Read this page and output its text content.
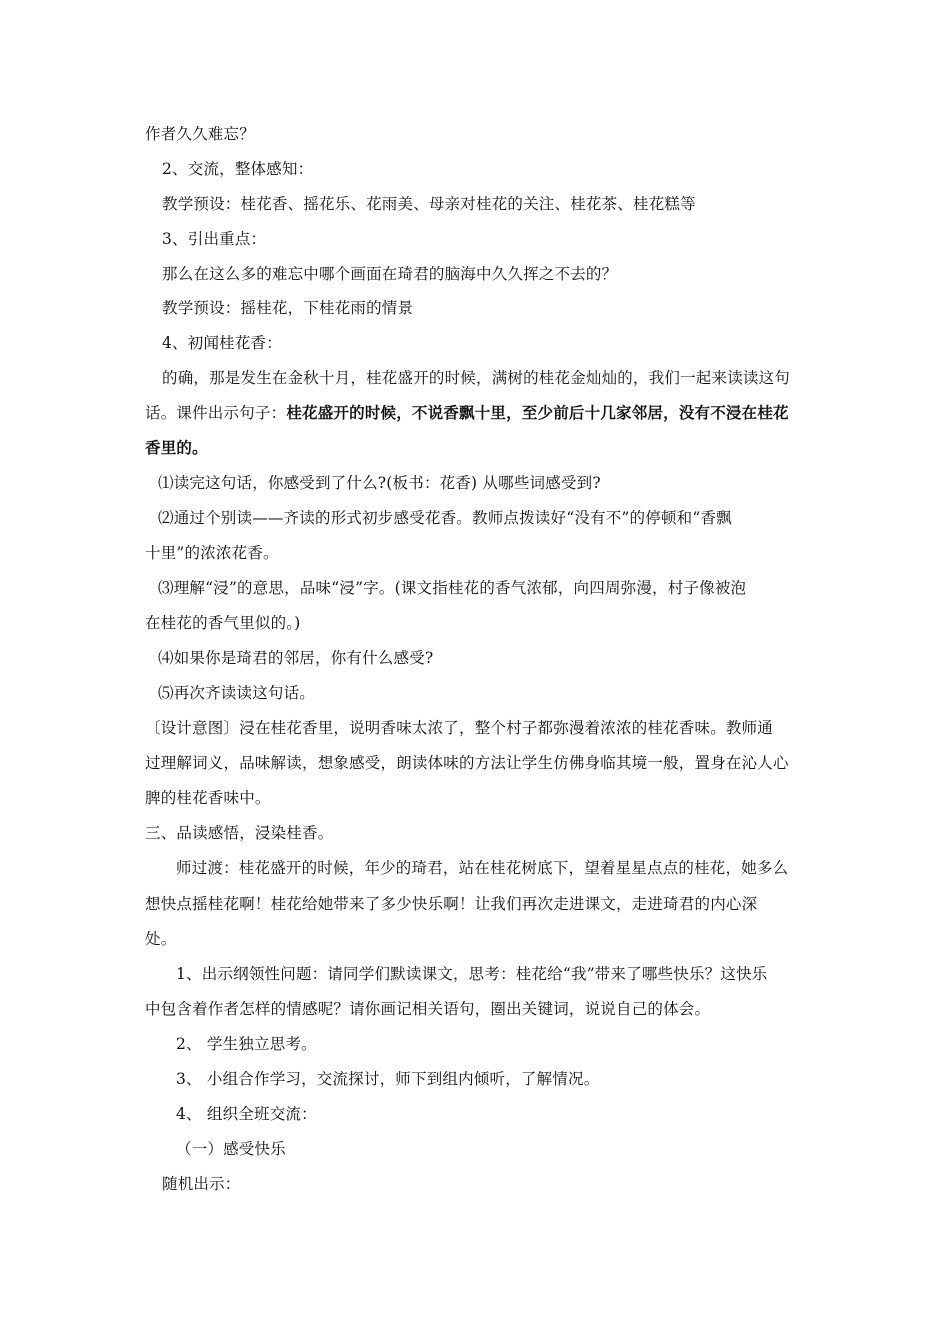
作者久久难忘？
2、交流，整体感知：
教学预设：桂花香、摇花乐、花雨美、母亲对桂花的关注、桂花茶、桂花糕等
3、引出重点：
那么在这么多的难忘中哪个画面在琦君的脑海中久久挥之不去的？
教学预设：摇桂花，下桂花雨的情景
4、初闻桂花香：
的确，那是发生在金秋十月，桂花盛开的时候，满树的桂花金灿灿的，我们一起来读读这句
话。课件出示句子：桂花盛开的时候，不说香飘十里，至少前后十几家邻居，没有不浸在桂花
香里的。
⑴读完这句话，你感受到了什么?(板书：花香) 从哪些词感受到?
⑵通过个别读——齐读的形式初步感受花香。教师点拨读好“没有不”的停顿和“香飘
十里”的浓浓花香。
⑶理解“浸”的意思，品味“浸”字。(课文指桂花的香气浓郁，向四周弥漫，村子像被泡
在桂花的香气里似的。)
⑷如果你是琦君的邻居，你有什么感受?
⑸再次齐读读这句话。
〔设计意图〕浸在桂花香里，说明香味太浓了，整个村子都弥漫着浓浓的桂花香味。教师通
过理解词义，品味解读，想象感受，朗读体味的方法让学生仿佛身临其境一般，置身在沁人心
脾的桂花香味中。
三、品读感悟，浸染桂香。
师过渡：桂花盛开的时候，年少的琦君，站在桂花树底下，望着星星点点的桂花，她多么
想快点摇桂花啊！桂花给她带来了多少快乐啊！让我们再次走进课文，走进琦君的内心深
处。
1、出示纲领性问题：请同学们默读课文，思考：桂花给“我”带来了哪些快乐？这快乐
中包含着作者怎样的情感呢？请你画记相关语句，圈出关键词，说说自己的体会。
2、 学生独立思考。
3、 小组合作学习，交流探讨，师下到组内倾听，了解情况。
4、 组织全班交流：
（一）感受快乐
随机出示：
